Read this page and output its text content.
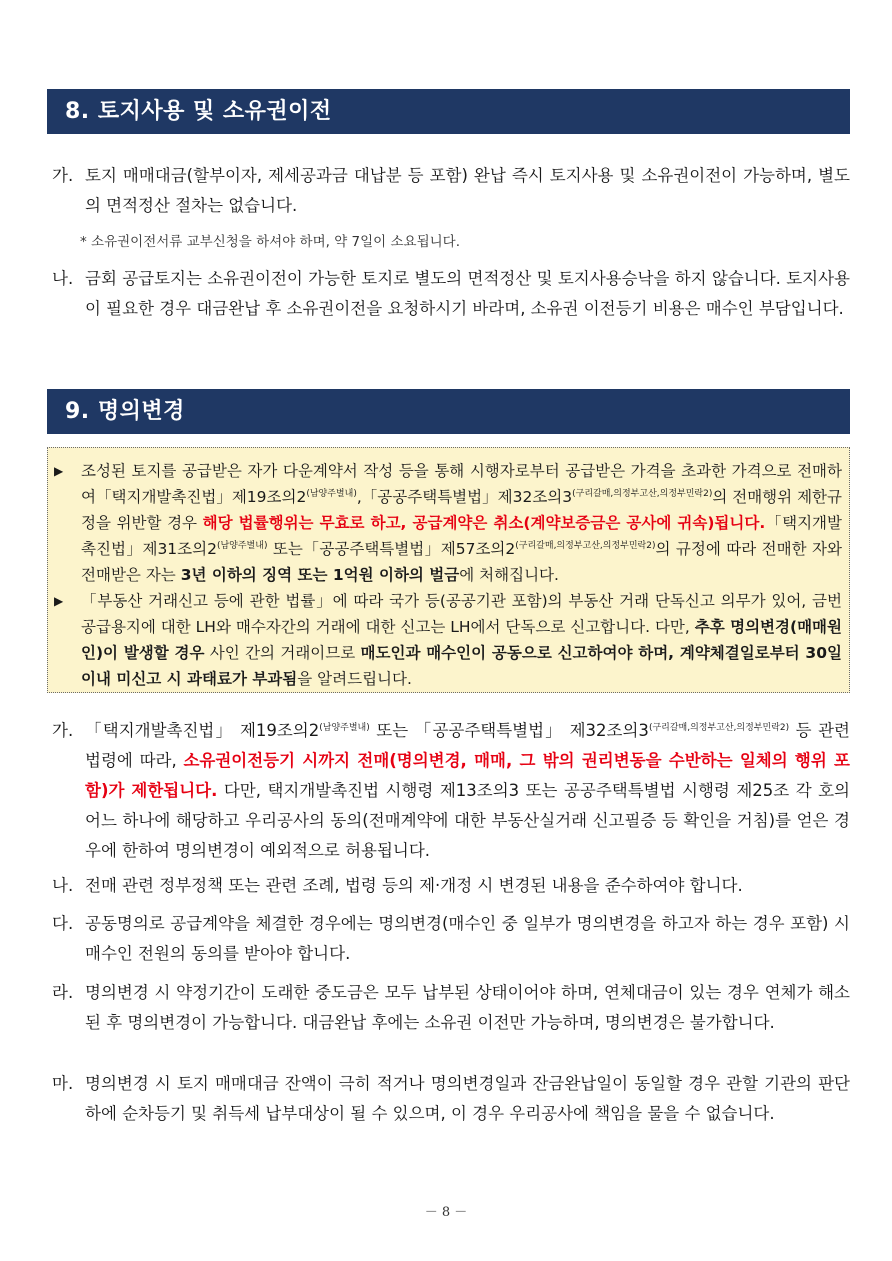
8. 토지사용 및 소유권이전
가. 토지 매매대금(할부이자, 제세공과금 대납분 등 포함) 완납 즉시 토지사용 및 소유권이전이 가능하며, 별도의 면적정산 절차는 없습니다.
* 소유권이전서류 교부신청을 하셔야 하며, 약 7일이 소요됩니다.
나. 금회 공급토지는 소유권이전이 가능한 토지로 별도의 면적정산 및 토지사용승낙을 하지 않습니다. 토지사용이 필요한 경우 대금완납 후 소유권이전을 요청하시기 바라며, 소유권 이전등기 비용은 매수인 부담입니다.
9. 명의변경
▶ 조성된 토지를 공급받은 자가 다운계약서 작성 등을 통해 시행자로부터 공급받은 가격을 초과한 가격으로 전매하여「택지개발촉진법」제19조의$2^{(남양주별내)}$,「공공주택특별법」제32조의$3^{(구리갈매,의정부고산,의정부민락2)}$의 전매행위 제한규정을 위반할 경우 해당 법률행위는 무효로 하고, 공급계약은 취소(계약보증금은 공사에 귀속)됩니다.「택지개발촉진법」제31조의$2^{(남양주별내)}$ 또는「공공주택특별법」제57조의$2^{(구리갈매,의정부고산,의정부민락2)}$의 규정에 따라 전매한 자와 전매받은 자는 3년 이하의 징역 또는 1억원 이하의 벌금에 처해집니다.
▶ 「부동산 거래신고 등에 관한 법률」에 따라 국가 등(공공기관 포함)의 부동산 거래 단독신고 의무가 있어, 금번 공급용지에 대한 LH와 매수자간의 거래에 대한 신고는 LH에서 단독으로 신고합니다. 다만, 추후 명의변경(매매원인)이 발생할 경우 사인 간의 거래이므로 매도인과 매수인이 공동으로 신고하여야 하며, 계약체결일로부터 30일 이내 미신고 시 과태료가 부과됨을 알려드립니다.
가. 「택지개발촉진법」 제19조의$2^{(남양주별내)}$ 또는 「공공주택특별법」 제32조의$3^{(구리갈매,의정부고산,의정부민락2)}$ 등 관련 법령에 따라, 소유권이전등기 시까지 전매(명의변경, 매매, 그 밖의 권리변동을 수반하는 일체의 행위 포함)가 제한됩니다. 다만, 택지개발촉진법 시행령 제13조의3 또는 공공주택특별법 시행령 제25조 각 호의 어느 하나에 해당하고 우리공사의 동의(전매계약에 대한 부동산실거래 신고필증 등 확인을 거침)를 얻은 경우에 한하여 명의변경이 예외적으로 허용됩니다.
나. 전매 관련 정부정책 또는 관련 조례, 법령 등의 제·개정 시 변경된 내용을 준수하여야 합니다.
다. 공동명의로 공급계약을 체결한 경우에는 명의변경(매수인 중 일부가 명의변경을 하고자 하는 경우 포함) 시 매수인 전원의 동의를 받아야 합니다.
라. 명의변경 시 약정기간이 도래한 중도금은 모두 납부된 상태이어야 하며, 연체대금이 있는 경우 연체가 해소된 후 명의변경이 가능합니다. 대금완납 후에는 소유권 이전만 가능하며, 명의변경은 불가합니다.
마. 명의변경 시 토지 매매대금 잔액이 극히 적거나 명의변경일과 잔금완납일이 동일할 경우 관할 기관의 판단 하에 순차등기 및 취득세 납부대상이 될 수 있으며, 이 경우 우리공사에 책임을 물을 수 없습니다.
－ 8 －
